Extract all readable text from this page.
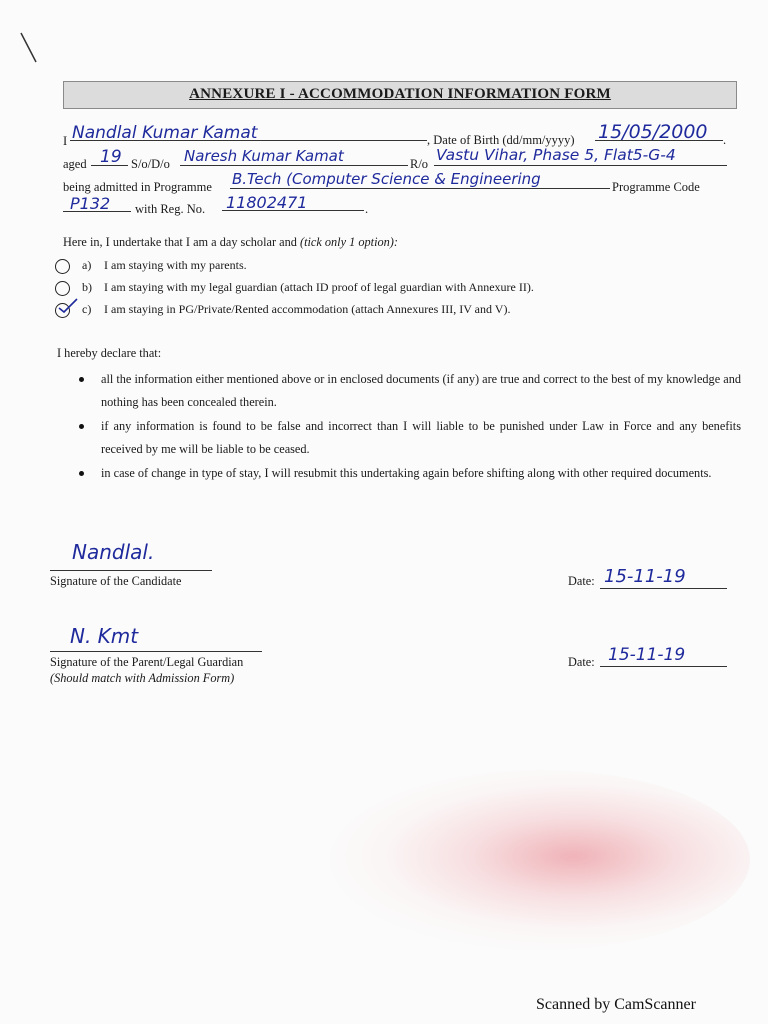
ANNEXURE I - ACCOMMODATION INFORMATION FORM
I Nandlal Kumar Kamat	, Date of Birth (dd/mm/yyyy) 15/05/2000 .
aged 19 S/o/D/o Naresh Kumar Kamat	R/o Vastu Vihar, Phase 5, Flat5-G-4
being admitted in Programme B.Tech (Computer Science & Engineering	Programme Code
P132 with Reg. No. 11802471	.
Here in, I undertake that I am a day scholar and (tick only 1 option):
a) I am staying with my parents.
b) I am staying with my legal guardian (attach ID proof of legal guardian with Annexure II).
c) I am staying in PG/Private/Rented accommodation (attach Annexures III, IV and V).
I hereby declare that:
all the information either mentioned above or in enclosed documents (if any) are true and correct to the best of my knowledge and nothing has been concealed therein.
if any information is found to be false and incorrect than I will liable to be punished under Law in Force and any benefits received by me will be liable to be ceased.
in case of change in type of stay, I will resubmit this undertaking again before shifting along with other required documents.
Nandlal.
Signature of the Candidate	Date: 15-11-19
N. Kmt
Signature of the Parent/Legal Guardian
(Should match with Admission Form)
Date: 15-11-19
Scanned by CamScanner
